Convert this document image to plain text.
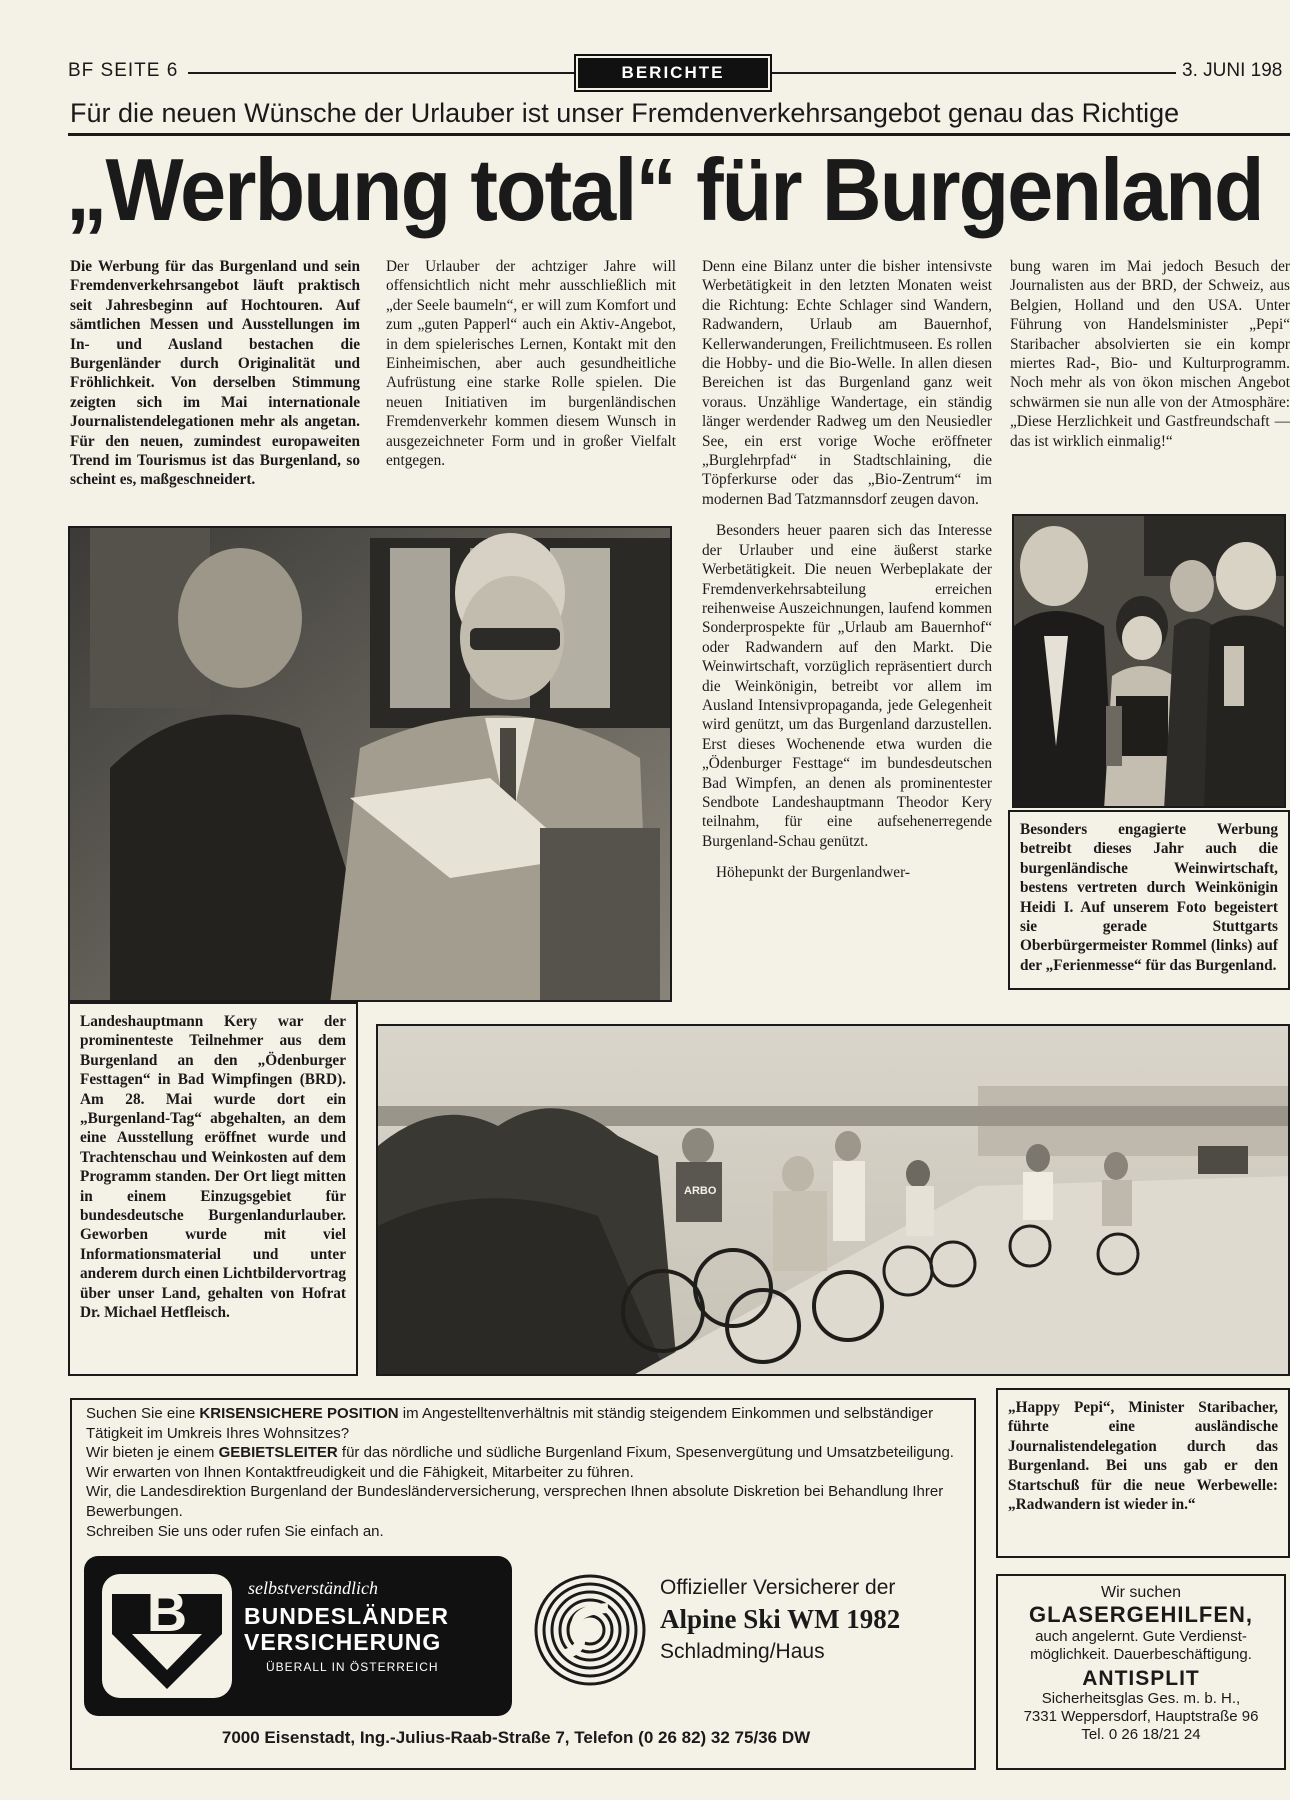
BF SEITE 6	BERICHTE	3. JUNI 198
Für die neuen Wünsche der Urlauber ist unser Fremdenverkehrsangebot genau das Richtige
„Werbung total“ für Burgenland
Die Werbung für das Burgenland und sein Fremdenverkehrsangebot läuft praktisch seit Jahresbeginn auf Hochtouren. Auf sämtlichen Messen und Ausstellungen im In- und Ausland bestachen die Burgenländer durch Originalität und Fröhlichkeit. Von derselben Stimmung zeigten sich im Mai internationale Journalistendelegationen mehr als angetan. Für den neuen, zumindest europaweiten Trend im Tourismus ist das Burgenland, so scheint es, maßgeschneidert.
Der Urlauber der achtziger Jahre will offensichtlich nicht mehr ausschließlich mit „der Seele baumeln“, er will zum Komfort und zum „guten Papperl“ auch ein Aktiv-Angebot, in dem spielerisches Lernen, Kontakt mit den Einheimischen, aber auch gesundheitliche Aufrüstung eine starke Rolle spielen. Die neuen Initiativen im burgenländischen Fremdenverkehr kommen diesem Wunsch in ausgezeichneter Form und in großer Vielfalt entgegen.

Denn eine Bilanz unter die bisher intensivste Werbetätigkeit in den letzten Monaten weist die Richtung: Echte Schlager sind Wandern, Radwandern, Urlaub am Bauernhof, Kellerwanderungen, Freilichtmuseen. Es rollen die Hobby- und die Bio-Welle. In allen diesen Bereichen ist das Burgenland ganz weit voraus. Unzählige Wandertage, ein ständig länger werdender Radweg um den Neusiedler See, ein erst vorige Woche eröffneter „Burglehrpfad“ in Stadtschlaining, die Töpferkurse oder das „Bio-Zentrum“ im modernen Bad Tatzmannsdorf zeugen davon.

Besonders heuer paaren sich das Interesse der Urlauber und eine äußerst starke Werbetätigkeit. Die neuen Werbeplakate der Fremdenverkehrsabteilung erreichen reihenweise Auszeichnungen, laufend kommen Sonderprospekte für „Urlaub am Bauernhof“ oder Radwandern auf den Markt. Die Weinwirtschaft, vorzüglich repräsentiert durch die Weinkönigin, betreibt vor allem im Ausland Intensivpropaganda, jede Gelegenheit wird genützt, um das Burgenland darzustellen. Erst dieses Wochenende etwa wurden die „Ödenburger Festtage“ im bundesdeutschen Bad Wimpfen, an denen als prominentester Sendbote Landeshauptmann Theodor Kery teilnahm, für eine aufsehenerregende Burgenland-Schau genützt.

Höhepunkt der Burgenlandwer-

bung waren im Mai jedoch Besuch der Journalisten aus der BRD, der Schweiz, aus Belgien, Holland und den USA. Unter Führung von Handelsminister „Pepi“ Staribacher absolvierten sie ein kompr miertes Rad-, Bio- und Kulturprogramm. Noch mehr als von ökon mischen Angebot schwärmen sie nun alle von der Atmosphäre: „Diese Herzlichkeit und Gastfreundschaft — das ist wirklich einmalig!“
Besonders engagierte Werbung betreibt dieses Jahr auch die burgenländische Weinwirtschaft, bestens vertreten durch Weinkönigin Heidi I. Auf unserem Foto begeistert sie gerade Stuttgarts Oberbürgermeister Rommel (links) auf der „Ferienmesse“ für das Burgenland.
Landeshauptmann Kery war der prominenteste Teilnehmer aus dem Burgenland an den „Ödenburger Festtagen“ in Bad Wimpfingen (BRD). Am 28. Mai wurde dort ein „Burgenland-Tag“ abgehalten, an dem eine Ausstellung eröffnet wurde und Trachtenschau und Weinkosten auf dem Programm standen. Der Ort liegt mitten in einem Einzugsgebiet für bundesdeutsche Burgenlandurlauber. Geworben wurde mit viel Informationsmaterial und unter anderem durch einen Lichtbildervortrag über unser Land, gehalten von Hofrat Dr. Michael Hetfleisch.
ARBO
„Happy Pepi“, Minister Staribacher, führte eine ausländische Journalistendelegation durch das Burgenland. Bei uns gab er den Startschuß für die neue Werbewelle: „Radwandern ist wieder in.“

Suchen Sie eine KRISENSICHERE POSITION im Angestelltenverhältnis mit ständig steigendem Einkommen und selbständiger Tätigkeit im Umkreis Ihres Wohnsitzes?

Wir bieten je einem GEBIETSLEITER für das nördliche und südliche Burgenland Fixum, Spesenvergütung und Umsatzbeteiligung.

Wir erwarten von Ihnen Kontaktfreudigkeit und die Fähigkeit, Mitarbeiter zu führen.

Wir, die Landesdirektion Burgenland der Bundesländerversicherung, versprechen Ihnen absolute Diskretion bei Behandlung Ihrer Bewerbungen.

Schreiben Sie uns oder rufen Sie einfach an.

B	selbstverständlich
BUNDESLÄNDER
VERSICHERUNG
ÜBERALL IN ÖSTERREICH
Offizieller Versicherer der
Alpine Ski WM 1982
Schladming/Haus
7000 Eisenstadt, Ing.-Julius-Raab-Straße 7, Telefon (0 26 82) 32 75/36 DW
Wir suchen
GLASERGEHILFEN,
auch angelernt. Gute Verdienst-
möglichkeit. Dauerbeschäftigung.
ANTISPLIT
Sicherheitsglas Ges. m. b. H.,
7331 Weppersdorf, Hauptstraße 96
Tel. 0 26 18/21 24
